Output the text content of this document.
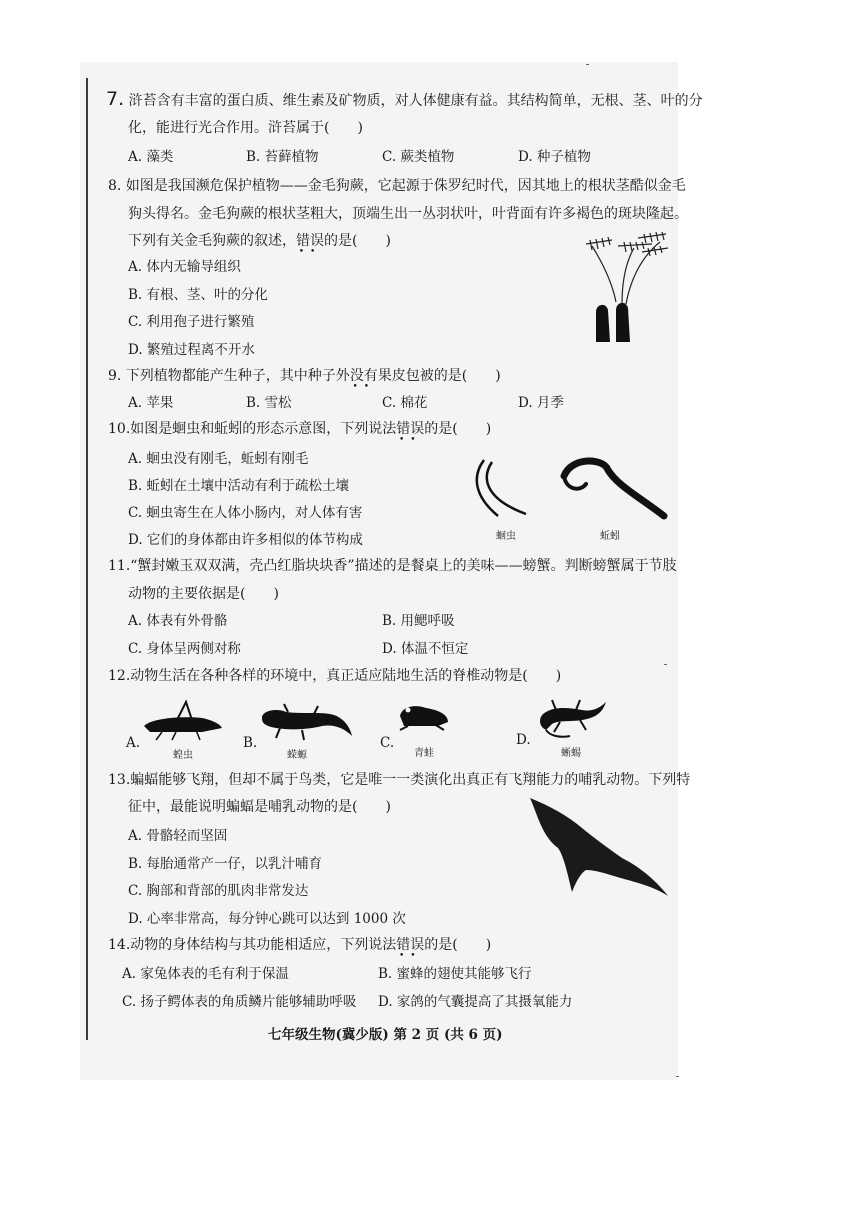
7. 浒苔含有丰富的蛋白质、维生素及矿物质，对人体健康有益。其结构简单，无根、茎、叶的分
化，能进行光合作用。浒苔属于(　　)
A. 藻类	B. 苔藓植物	C. 蕨类植物	D. 种子植物
8. 如图是我国濒危保护植物——金毛狗蕨，它起源于侏罗纪时代，因其地上的根状茎酷似金毛
狗头得名。金毛狗蕨的根状茎粗大，顶端生出一丛羽状叶，叶背面有许多褐色的斑块隆起。
下列有关金毛狗蕨的叙述，错误 ••的是(　　)
A. 体内无输导组织
B. 有根、茎、叶的分化
C. 利用孢子进行繁殖
D. 繁殖过程离不开水
9. 下列植物都能产生种子，其中种子外没有 ••果皮包被的是(　　)
A. 苹果	B. 雪松	C. 棉花	D. 月季
10.如图是蛔虫和蚯蚓的形态示意图，下列说法错误 ••的是(　　)
A. 蛔虫没有刚毛，蚯蚓有刚毛
B. 蚯蚓在土壤中活动有利于疏松土壤
C. 蛔虫寄生在人体小肠内，对人体有害
D. 它们的身体都由许多相似的体节构成	蛔虫	蚯蚓
11.“蟹封嫩玉双双满，壳凸红脂块块香”描述的是餐桌上的美味——螃蟹。判断螃蟹属于节肢
动物的主要依据是(　　)
A. 体表有外骨骼	B. 用鳃呼吸
C. 身体呈两侧对称	D. 体温不恒定
12.动物生活在各种各样的环境中，真正适应陆地生活的脊椎动物是(　　)
A.
蝗虫
B.
蝾螈
C.
青蛙
D.
蜥蜴
13.蝙蝠能够飞翔，但却不属于鸟类，它是唯一一类演化出真正有飞翔能力的哺乳动物。下列特
征中，最能说明蝙蝠是哺乳动物的是(　　)
A. 骨骼轻而坚固
B. 每胎通常产一仔，以乳汁哺育
C. 胸部和背部的肌肉非常发达
D. 心率非常高，每分钟心跳可以达到 1000 次
14.动物的身体结构与其功能相适应，下列说法错误 ••的是(　　)
A. 家兔体表的毛有利于保温	B. 蜜蜂的翅使其能够飞行
C. 扬子鳄体表的角质鳞片能够辅助呼吸 D. 家鸽的气囊提高了其摄氧能力
七年级生物(冀少版) 第 2 页 (共 6 页)
